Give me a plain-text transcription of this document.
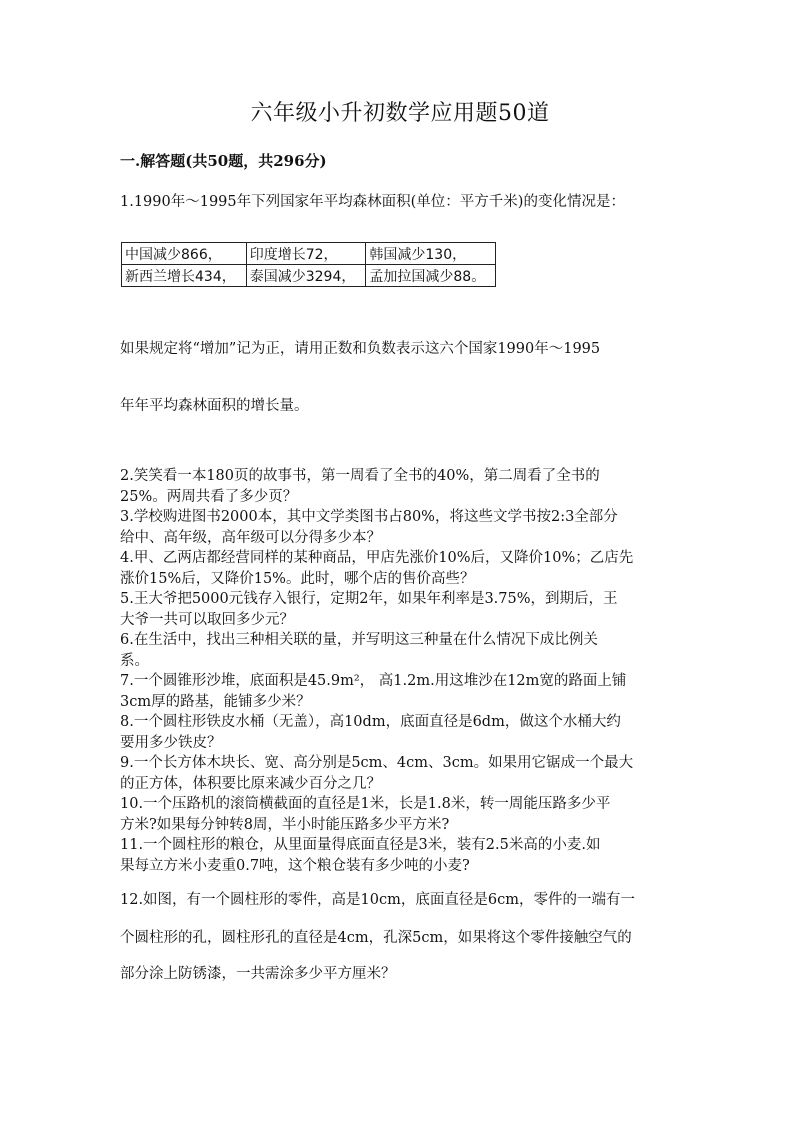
六年级小升初数学应用题50道
一.解答题(共50题，共296分)
1.1990年～1995年下列国家年平均森林面积(单位：平方千米)的变化情况是：
中国减少866，	印度增长72，	韩国减少130，
新西兰增长434，	泰国减少3294，	孟加拉国减少88。
如果规定将“增加”记为正，请用正数和负数表示这六个国家1990年～1995
年年平均森林面积的增长量。
2.笑笑看一本180页的故事书，第一周看了全书的40%，第二周看了全书的
25%。两周共看了多少页？
3.学校购进图书2000本，其中文学类图书占80%，将这些文学书按2:3全部分
给中、高年级，高年级可以分得多少本？
4.甲、乙两店都经营同样的某种商品，甲店先涨价10%后，又降价10%；乙店先
涨价15%后，又降价15%。此时，哪个店的售价高些？
5.王大爷把5000元钱存入银行，定期2年，如果年利率是3.75%，到期后，王
大爷一共可以取回多少元？
6.在生活中，找出三种相关联的量，并写明这三种量在什么情况下成比例关
系。
7.一个圆锥形沙堆，底面积是45.9m²， 高1.2m.用这堆沙在12m宽的路面上铺
3cm厚的路基，能铺多少米？
8.一个圆柱形铁皮水桶（无盖），高10dm，底面直径是6dm，做这个水桶大约
要用多少铁皮？
9.一个长方体木块长、宽、高分别是5cm、4cm、3cm。如果用它锯成一个最大
的正方体，体积要比原来减少百分之几？
10.一个压路机的滚筒横截面的直径是1米，长是1.8米，转一周能压路多少平
方米?如果每分钟转8周，半小时能压路多少平方米?
11.一个圆柱形的粮仓，从里面量得底面直径是3米，装有2.5米高的小麦.如
果每立方米小麦重0.7吨，这个粮仓装有多少吨的小麦?
12.如图，有一个圆柱形的零件，高是10cm，底面直径是6cm，零件的一端有一
个圆柱形的孔，圆柱形孔的直径是4cm，孔深5cm，如果将这个零件接触空气的
部分涂上防锈漆，一共需涂多少平方厘米？
